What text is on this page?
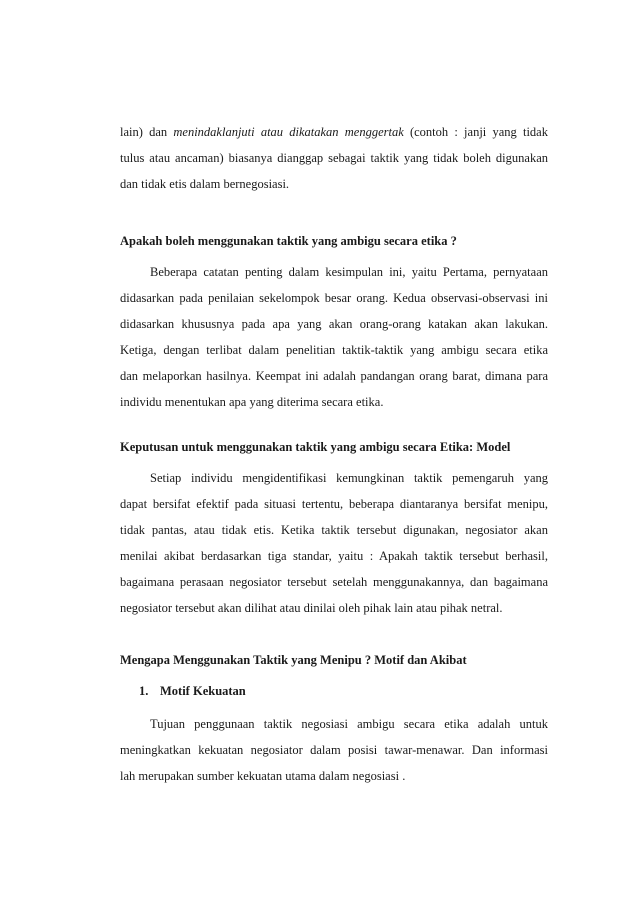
lain) dan menindaklanjuti atau dikatakan menggertak (contoh : janji yang tidak
tulus atau ancaman) biasanya dianggap sebagai taktik yang tidak boleh digunakan
dan tidak etis dalam bernegosiasi.
Apakah boleh menggunakan taktik yang ambigu secara etika ?
Beberapa catatan penting dalam kesimpulan ini, yaitu Pertama, pernyataan
didasarkan pada penilaian sekelompok besar orang. Kedua observasi-observasi ini
didasarkan khususnya pada apa yang akan orang-orang katakan akan lakukan.
Ketiga, dengan terlibat dalam penelitian taktik-taktik yang ambigu secara etika
dan melaporkan hasilnya. Keempat ini adalah pandangan orang barat, dimana para
individu menentukan apa yang diterima secara etika.
Keputusan untuk menggunakan taktik yang ambigu secara Etika: Model
Setiap individu mengidentifikasi kemungkinan taktik pemengaruh yang
dapat bersifat efektif pada situasi tertentu, beberapa diantaranya bersifat menipu,
tidak pantas, atau tidak etis. Ketika taktik tersebut digunakan, negosiator akan
menilai akibat berdasarkan tiga standar, yaitu : Apakah taktik tersebut berhasil,
bagaimana perasaan negosiator tersebut setelah menggunakannya, dan bagaimana
negosiator tersebut akan dilihat atau dinilai oleh pihak lain atau pihak netral.
Mengapa Menggunakan Taktik yang Menipu ? Motif dan Akibat
1. Motif Kekuatan
Tujuan penggunaan taktik negosiasi ambigu secara etika adalah untuk
meningkatkan kekuatan negosiator dalam posisi tawar-menawar. Dan informasi
lah merupakan sumber kekuatan utama dalam negosiasi .
